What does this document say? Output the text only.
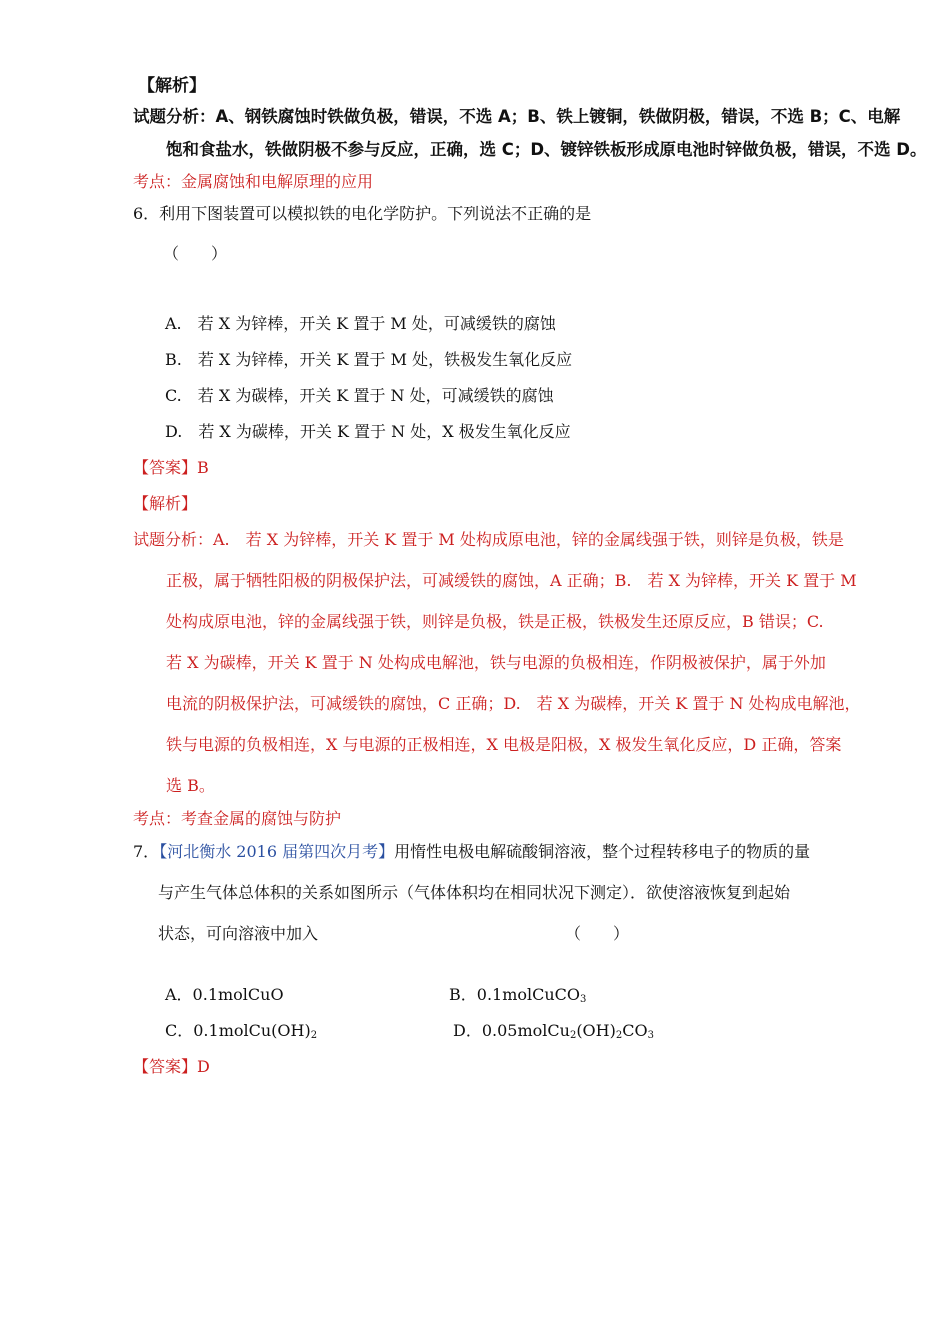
【解析】
试题分析：A、钢铁腐蚀时铁做负极，错误，不选 A；B、铁上镀铜，铁做阴极，错误，不选 B；C、电解
饱和食盐水，铁做阴极不参与反应，正确，选 C；D、镀锌铁板形成原电池时锌做负极，错误，不选 D。
考点：金属腐蚀和电解原理的应用
6．利用下图装置可以模拟铁的电化学防护。下列说法不正确的是
（　　）
A.　若 X 为锌棒，开关 K 置于 M 处，可减缓铁的腐蚀
B.　若 X 为锌棒，开关 K 置于 M 处，铁极发生氧化反应
C.　若 X 为碳棒，开关 K 置于 N 处，可减缓铁的腐蚀
D.　若 X 为碳棒，开关 K 置于 N 处，X 极发生氧化反应
【答案】B
【解析】
试题分析：A.　若 X 为锌棒，开关 K 置于 M 处构成原电池，锌的金属线强于铁，则锌是负极，铁是
正极，属于牺牲阳极的阴极保护法，可减缓铁的腐蚀，A 正确；B.　若 X 为锌棒，开关 K 置于 M
处构成原电池，锌的金属线强于铁，则锌是负极，铁是正极，铁极发生还原反应，B 错误；C.
若 X 为碳棒，开关 K 置于 N 处构成电解池，铁与电源的负极相连，作阴极被保护，属于外加
电流的阴极保护法，可减缓铁的腐蚀，C 正确；D.　若 X 为碳棒，开关 K 置于 N 处构成电解池，
铁与电源的负极相连，X 与电源的正极相连，X 电极是阳极，X 极发生氧化反应，D 正确，答案
选 B。
考点：考查金属的腐蚀与防护
7．【河北衡水 2016 届第四次月考】用惰性电极电解硫酸铜溶液，整个过程转移电子的物质的量
与产生气体总体积的关系如图所示（气体体积均在相同状况下测定）．欲使溶液恢复到起始
状态，可向溶液中加入	（　　）
A．0.1molCuO	B．0.1molCuCO$_3$
C．$0.1molCu(OH)_2$	D．$0.05molCu_2(OH)_2CO_3$
【答案】D
